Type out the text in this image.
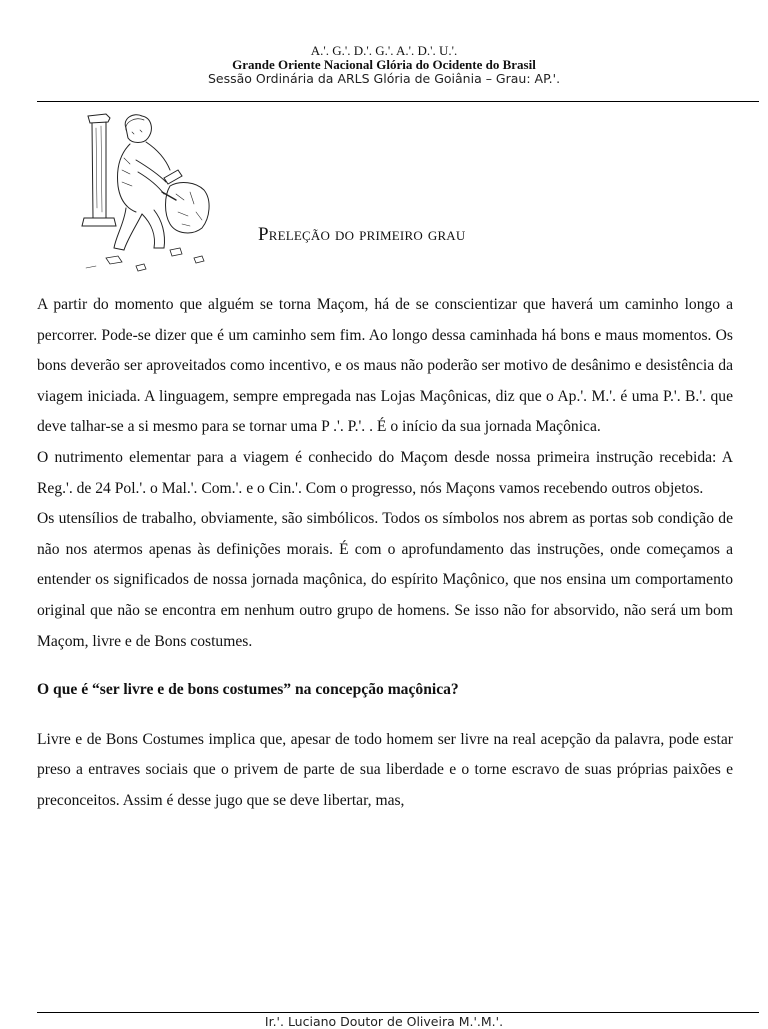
A.'. G.'. D.'. G.'. A.'. D.'. U.'.
Grande Oriente Nacional Glória do Ocidente do Brasil
Sessão Ordinária da ARLS Glória de Goiânia – Grau: AP.'.
Preleção do primeiro grau

A partir do momento que alguém se torna Maçom, há de se conscientizar que haverá um caminho longo a percorrer. Pode-se dizer que é um caminho sem fim. Ao longo dessa caminhada há bons e maus momentos. Os bons deverão ser aproveitados como incentivo, e os maus não poderão ser motivo de desânimo e desistência da viagem iniciada. A linguagem, sempre empregada nas Lojas Maçônicas, diz que o Ap.'. M.'. é uma P.'. B.'. que deve talhar-se a si mesmo para se tornar uma P .'. P.'. . É o início da sua jornada Maçônica.

O nutrimento elementar para a viagem é conhecido do Maçom desde nossa primeira instrução recebida: A Reg.'. de 24 Pol.'. o Mal.'. Com.'. e o Cin.'. Com o progresso, nós Maçons vamos recebendo outros objetos.

Os utensílios de trabalho, obviamente, são simbólicos. Todos os símbolos nos abrem as portas sob condição de não nos atermos apenas às definições morais. É com o aprofundamento das instruções, onde começamos a entender os significados de nossa jornada maçônica, do espírito Maçônico, que nos ensina um comportamento original que não se encontra em nenhum outro grupo de homens. Se isso não for absorvido, não será um bom Maçom, livre e de Bons costumes.

O que é “ser livre e de bons costumes” na concepção maçônica?

Livre e de Bons Costumes implica que, apesar de todo homem ser livre na real acepção da palavra, pode estar preso a entraves sociais que o privem de parte de sua liberdade e o torne escravo de suas próprias paixões e preconceitos. Assim é desse jugo que se deve libertar, mas,

Ir.'. Luciano Doutor de Oliveira M.'.M.'.
